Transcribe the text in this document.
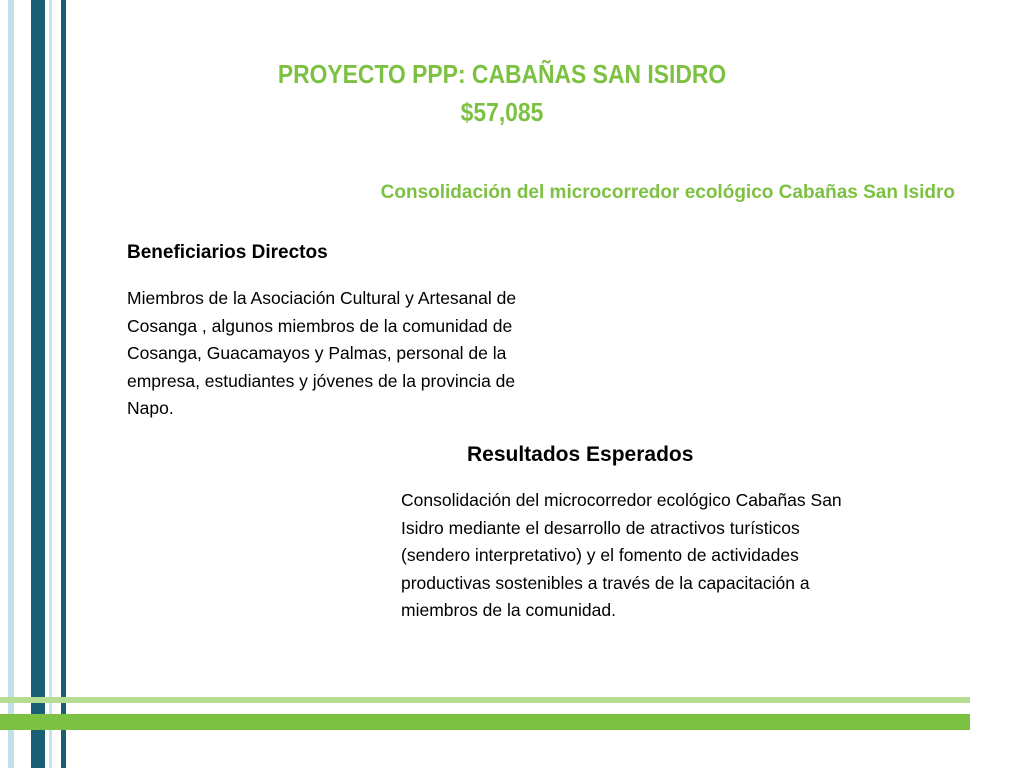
PROYECTO PPP: CABAÑAS SAN ISIDRO
$57,085

Consolidación del microcorredor ecológico Cabañas San Isidro

Beneficiarios Directos

Miembros de la Asociación Cultural y Artesanal de Cosanga , algunos miembros de la comunidad de Cosanga, Guacamayos y Palmas, personal de la empresa, estudiantes y jóvenes de la provincia de Napo.

Resultados Esperados

Consolidación del microcorredor ecológico Cabañas San Isidro mediante el desarrollo de atractivos turísticos (sendero interpretativo) y el fomento de actividades productivas sostenibles a través de la capacitación a miembros de la comunidad.
